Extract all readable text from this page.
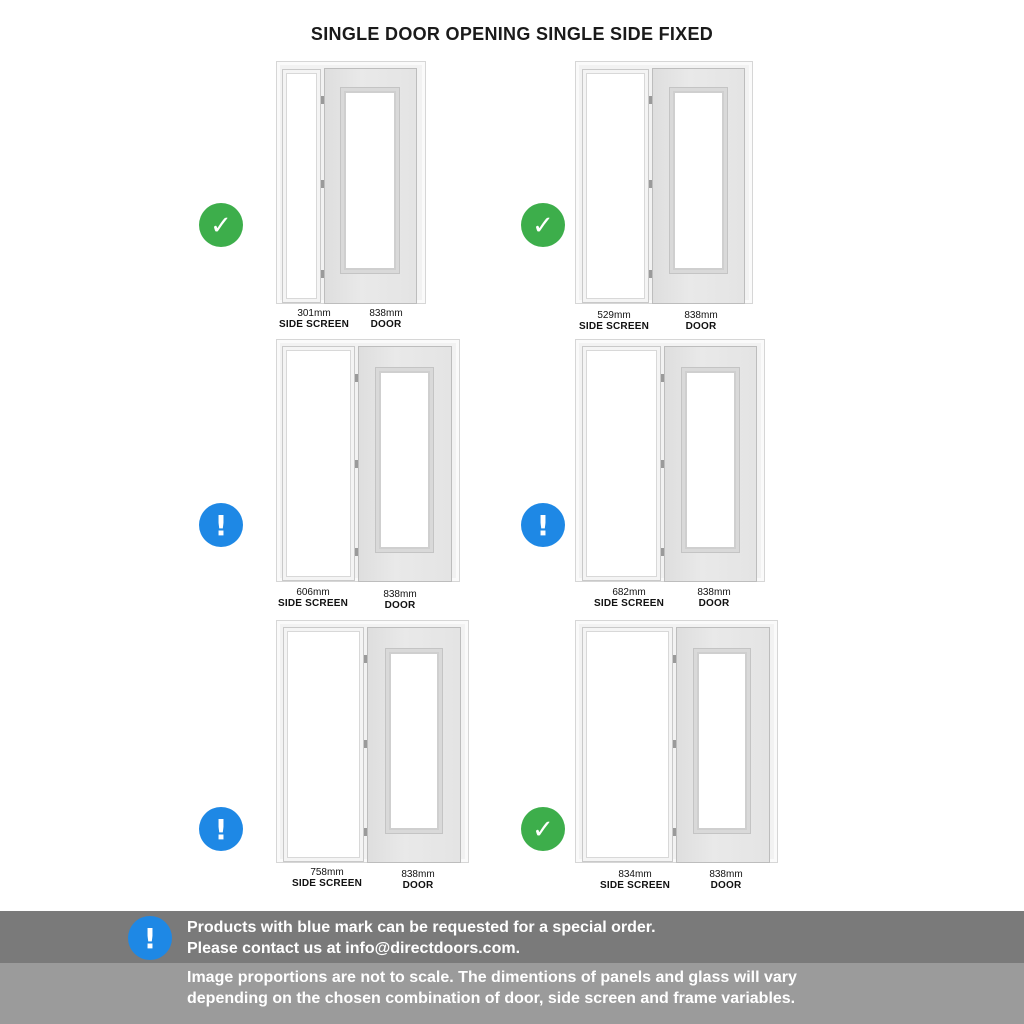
SINGLE DOOR OPENING SINGLE SIDE FIXED
✓
301mm
SIDE SCREEN
838mm
DOOR
✓
529mm
SIDE SCREEN
838mm
DOOR
!
606mm
SIDE SCREEN
838mm
DOOR
!
682mm
SIDE SCREEN
838mm
DOOR
!
758mm
SIDE SCREEN
838mm
DOOR
✓
834mm
SIDE SCREEN
838mm
DOOR
!	Products with blue mark can be requested for a special order.
Please contact us at info@directdoors.com.
Image proportions are not to scale. The dimentions of panels and glass will vary
depending on the chosen combination of door, side screen and frame variables.
